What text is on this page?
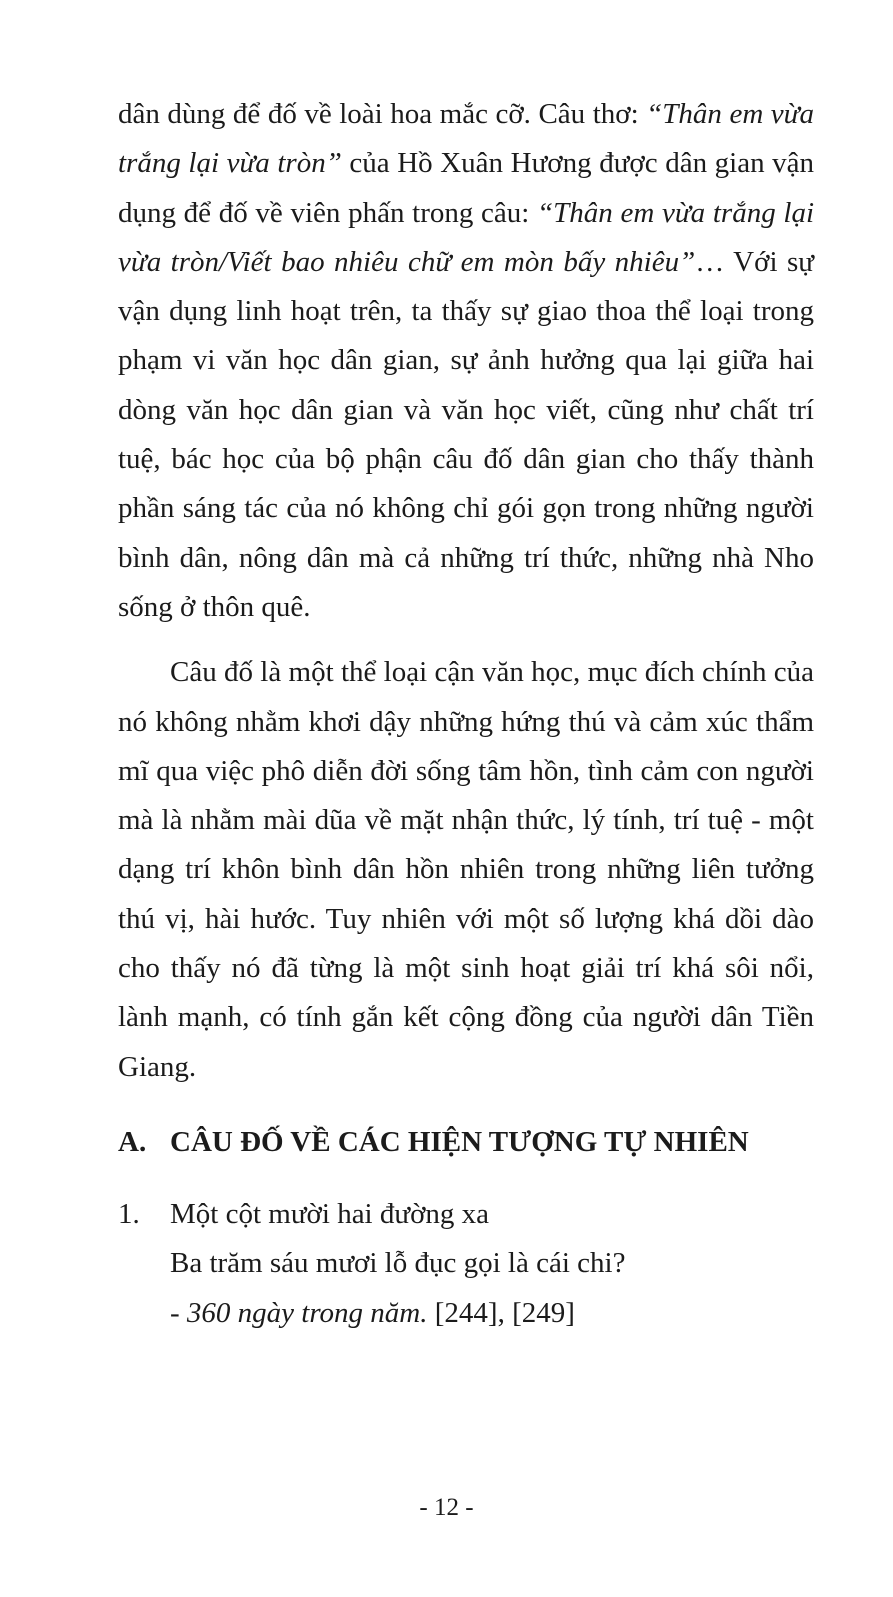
dân dùng để đố về loài hoa mắc cỡ. Câu thơ: “Thân em vừa trắng lại vừa tròn” của Hồ Xuân Hương được dân gian vận dụng để đố về viên phấn trong câu: “Thân em vừa trắng lại vừa tròn/Viết bao nhiêu chữ em mòn bấy nhiêu”… Với sự vận dụng linh hoạt trên, ta thấy sự giao thoa thể loại trong phạm vi văn học dân gian, sự ảnh hưởng qua lại giữa hai dòng văn học dân gian và văn học viết, cũng như chất trí tuệ, bác học của bộ phận câu đố dân gian cho thấy thành phần sáng tác của nó không chỉ gói gọn trong những người bình dân, nông dân mà cả những trí thức, những nhà Nho sống ở thôn quê.

Câu đố là một thể loại cận văn học, mục đích chính của nó không nhằm khơi dậy những hứng thú và cảm xúc thẩm mĩ qua việc phô diễn đời sống tâm hồn, tình cảm con người mà là nhằm mài dũa về mặt nhận thức, lý tính, trí tuệ - một dạng trí khôn bình dân hồn nhiên trong những liên tưởng thú vị, hài hước. Tuy nhiên với một số lượng khá dồi dào cho thấy nó đã từng là một sinh hoạt giải trí khá sôi nổi, lành mạnh, có tính gắn kết cộng đồng của người dân Tiền Giang.

A. CÂU ĐỐ VỀ CÁC HIỆN TƯỢNG TỰ NHIÊN
1.	Một cột mười hai đường xa
Ba trăm sáu mươi lỗ đục gọi là cái chi?
- 360 ngày trong năm. [244], [249]
- 12 -
